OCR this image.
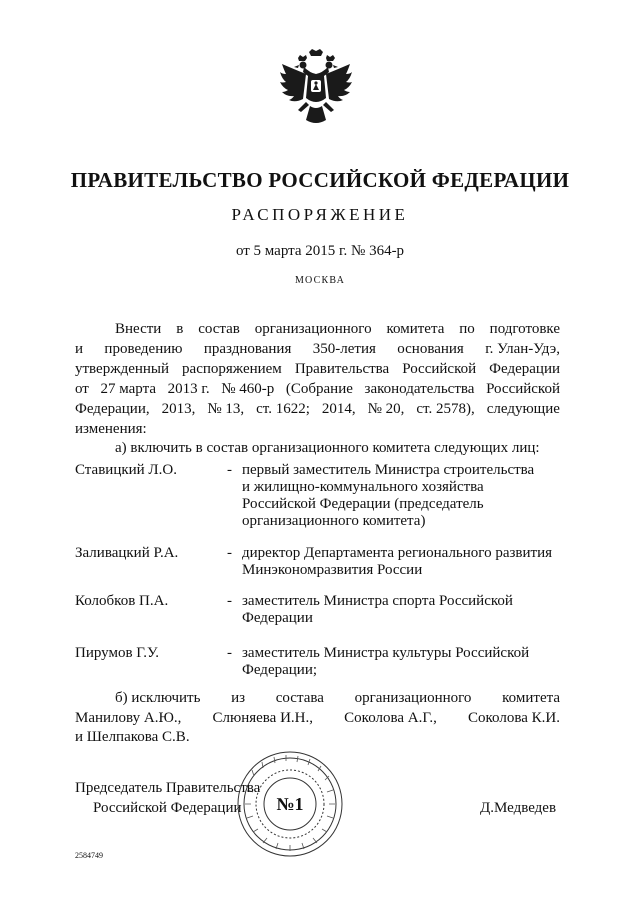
ПРАВИТЕЛЬСТВО РОССИЙСКОЙ ФЕДЕРАЦИИ
РАСПОРЯЖЕНИЕ
от 5 марта 2015 г. № 364-р
МОСКВА
Внести в состав организационного комитета по подготовке
и проведению празднования 350-летия основания г. Улан-Удэ,
утвержденный распоряжением Правительства Российской Федерации
от 27 марта 2013 г. № 460-р (Собрание законодательства Российской
Федерации, 2013, № 13, ст. 1622; 2014, № 20, ст. 2578), следующие
изменения:
а) включить в состав организационного комитета следующих лиц:
Ставицкий Л.О.	- первый заместитель Министра строительства
и жилищно-коммунального хозяйства
Российской Федерации (председатель
организационного комитета)
Заливацкий Р.А.	- директор Департамента регионального развития
Минэкономразвития России
Колобков П.А.	- заместитель Министра спорта Российской
Федерации
Пирумов Г.У.	- заместитель Министра культуры Российской
Федерации;
б) исключить из состава организационного комитета
Манилову А.Ю., Слюняева И.Н., Соколова А.Г., Соколова К.И.
и Шелпакова С.В.
№1
Председатель Правительства
Российской Федерации	Д.Медведев
2584749
